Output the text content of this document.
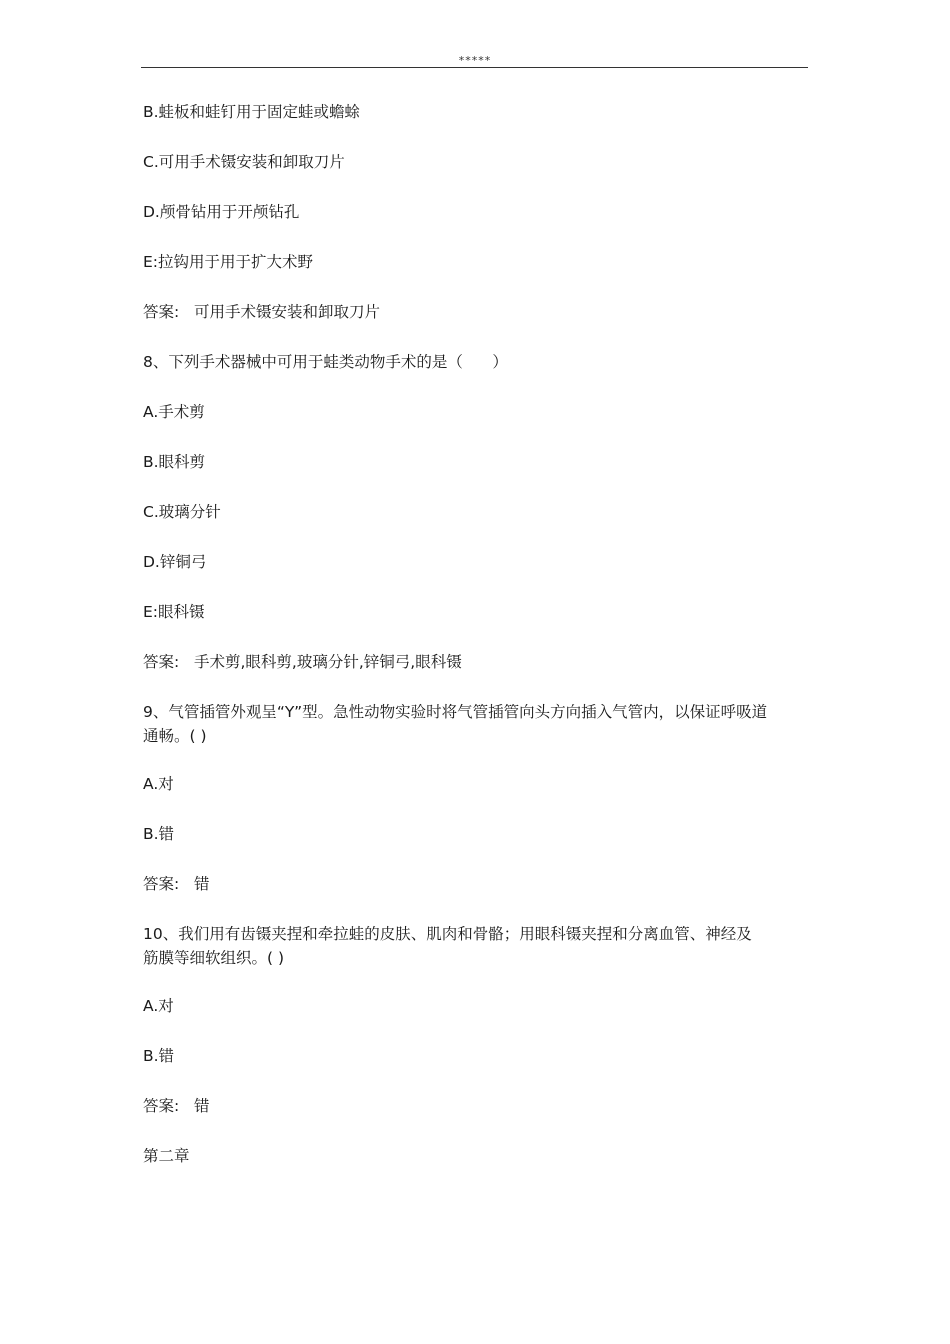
*****
B.蛙板和蛙钉用于固定蛙或蟾蜍
C.可用手术镊安装和卸取刀片
D.颅骨钻用于开颅钻孔
E:拉钩用于用于扩大术野
答案:   可用手术镊安装和卸取刀片
8、下列手术器械中可用于蛙类动物手术的是（      ）
A.手术剪
B.眼科剪
C.玻璃分针
D.锌铜弓
E:眼科镊
答案:   手术剪,眼科剪,玻璃分针,锌铜弓,眼科镊
9、气管插管外观呈“Y”型。急性动物实验时将气管插管向头方向插入气管内，以保证呼吸道
通畅。( )
A.对
B.错
答案:   错
10、我们用有齿镊夹捏和牵拉蛙的皮肤、肌肉和骨骼；用眼科镊夹捏和分离血管、神经及
筋膜等细软组织。( )
A.对
B.错
答案:   错
第二章
